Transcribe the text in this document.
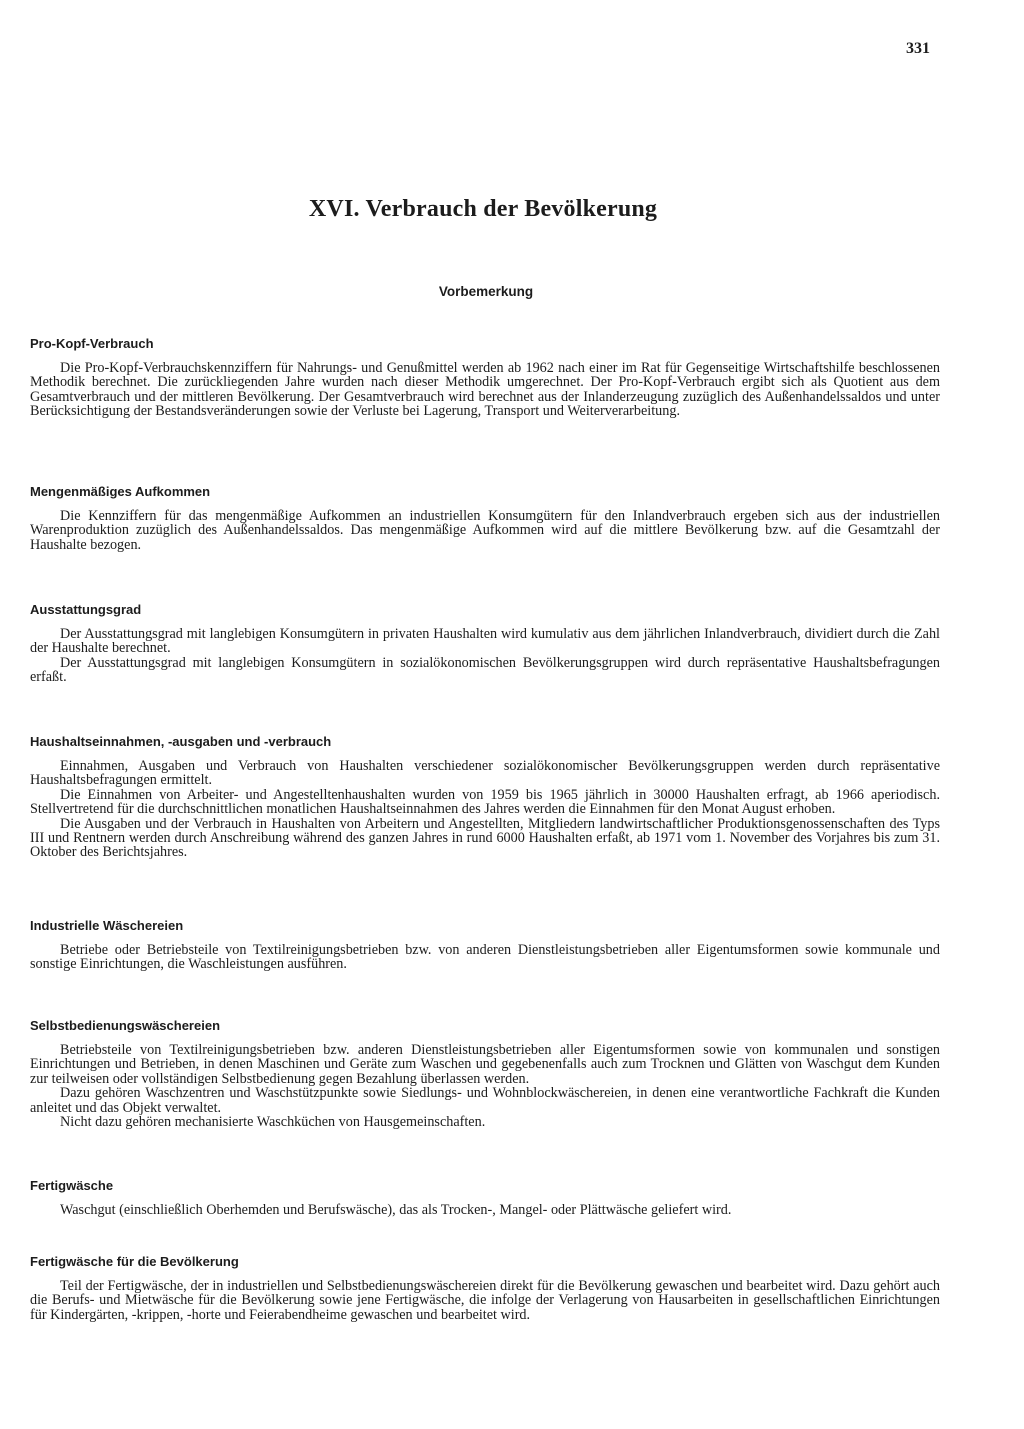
331
XVI. Verbrauch der Bevölkerung
Vorbemerkung
Pro-Kopf-Verbrauch

Die Pro-Kopf-Verbrauchskennziffern für Nahrungs- und Genußmittel werden ab 1962 nach einer im Rat für Gegenseitige Wirtschaftshilfe beschlossenen Methodik berechnet. Die zurückliegenden Jahre wurden nach dieser Methodik umgerechnet. Der Pro-Kopf-Verbrauch ergibt sich als Quotient aus dem Gesamtverbrauch und der mittleren Bevölkerung. Der Gesamtverbrauch wird berechnet aus der Inlanderzeugung zuzüglich des Außenhandelssaldos und unter Berücksichtigung der Bestandsveränderungen sowie der Verluste bei Lagerung, Transport und Weiterverarbeitung.

Mengenmäßiges Aufkommen

Die Kennziffern für das mengenmäßige Aufkommen an industriellen Konsumgütern für den Inlandverbrauch ergeben sich aus der industriellen Warenproduktion zuzüglich des Außenhandelssaldos. Das mengenmäßige Aufkommen wird auf die mittlere Bevölkerung bzw. auf die Gesamtzahl der Haushalte bezogen.

Ausstattungsgrad

Der Ausstattungsgrad mit langlebigen Konsumgütern in privaten Haushalten wird kumulativ aus dem jährlichen Inlandverbrauch, dividiert durch die Zahl der Haushalte berechnet.

Der Ausstattungsgrad mit langlebigen Konsumgütern in sozialökonomischen Bevölkerungsgruppen wird durch repräsentative Haushaltsbefragungen erfaßt.

Haushaltseinnahmen, -ausgaben und -verbrauch

Einnahmen, Ausgaben und Verbrauch von Haushalten verschiedener sozialökonomischer Bevölkerungsgruppen werden durch repräsentative Haushaltsbefragungen ermittelt.

Die Einnahmen von Arbeiter- und Angestelltenhaushalten wurden von 1959 bis 1965 jährlich in 30000 Haushalten erfragt, ab 1966 aperiodisch. Stellvertretend für die durchschnittlichen monatlichen Haushaltseinnahmen des Jahres werden die Einnahmen für den Monat August erhoben.

Die Ausgaben und der Verbrauch in Haushalten von Arbeitern und Angestellten, Mitgliedern landwirtschaftlicher Produktionsgenossenschaften des Typs III und Rentnern werden durch Anschreibung während des ganzen Jahres in rund 6000 Haushalten erfaßt, ab 1971 vom 1. November des Vorjahres bis zum 31. Oktober des Berichtsjahres.

Industrielle Wäschereien

Betriebe oder Betriebsteile von Textilreinigungsbetrieben bzw. von anderen Dienstleistungsbetrieben aller Eigentumsformen sowie kommunale und sonstige Einrichtungen, die Waschleistungen ausführen.

Selbstbedienungswäschereien

Betriebsteile von Textilreinigungsbetrieben bzw. anderen Dienstleistungsbetrieben aller Eigentumsformen sowie von kommunalen und sonstigen Einrichtungen und Betrieben, in denen Maschinen und Geräte zum Waschen und gegebenenfalls auch zum Trocknen und Glätten von Waschgut dem Kunden zur teilweisen oder vollständigen Selbstbedienung gegen Bezahlung überlassen werden.

Dazu gehören Waschzentren und Waschstützpunkte sowie Siedlungs- und Wohnblockwäschereien, in denen eine verantwortliche Fachkraft die Kunden anleitet und das Objekt verwaltet.

Nicht dazu gehören mechanisierte Waschküchen von Hausgemeinschaften.

Fertigwäsche

Waschgut (einschließlich Oberhemden und Berufswäsche), das als Trocken-, Mangel- oder Plättwäsche geliefert wird.

Fertigwäsche für die Bevölkerung

Teil der Fertigwäsche, der in industriellen und Selbstbedienungswäschereien direkt für die Bevölkerung gewaschen und bearbeitet wird. Dazu gehört auch die Berufs- und Mietwäsche für die Bevölkerung sowie jene Fertigwäsche, die infolge der Verlagerung von Hausarbeiten in gesellschaftlichen Einrichtungen für Kindergärten, -krippen, -horte und Feierabendheime gewaschen und bearbeitet wird.
